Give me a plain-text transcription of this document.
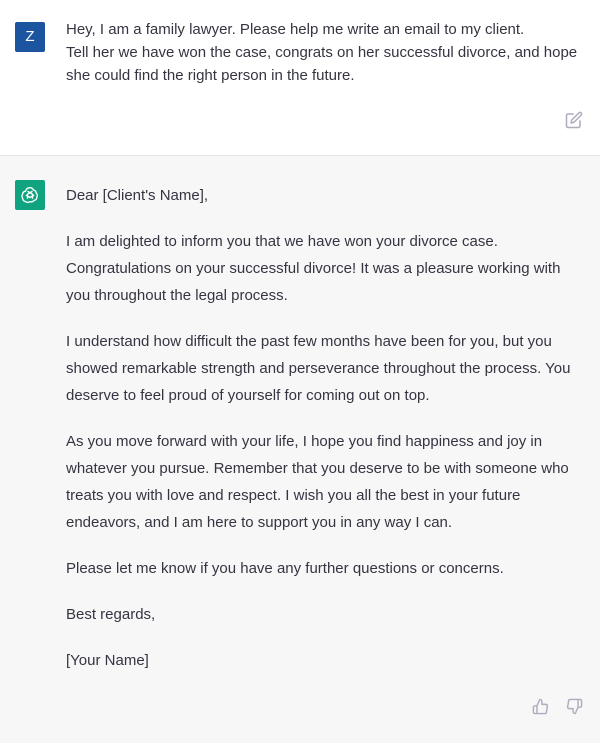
Z	Hey, I am a family lawyer. Please help me write an email to my client.
Tell her we have won the case, congrats on her successful divorce, and hope
she could find the right person in the future.

Dear [Client's Name],

I am delighted to inform you that we have won your divorce case.
Congratulations on your successful divorce! It was a pleasure working with
you throughout the legal process.

I understand how difficult the past few months have been for you, but you
showed remarkable strength and perseverance throughout the process. You
deserve to feel proud of yourself for coming out on top.

As you move forward with your life, I hope you find happiness and joy in
whatever you pursue. Remember that you deserve to be with someone who
treats you with love and respect. I wish you all the best in your future
endeavors, and I am here to support you in any way I can.

Please let me know if you have any further questions or concerns.

Best regards,

[Your Name]
